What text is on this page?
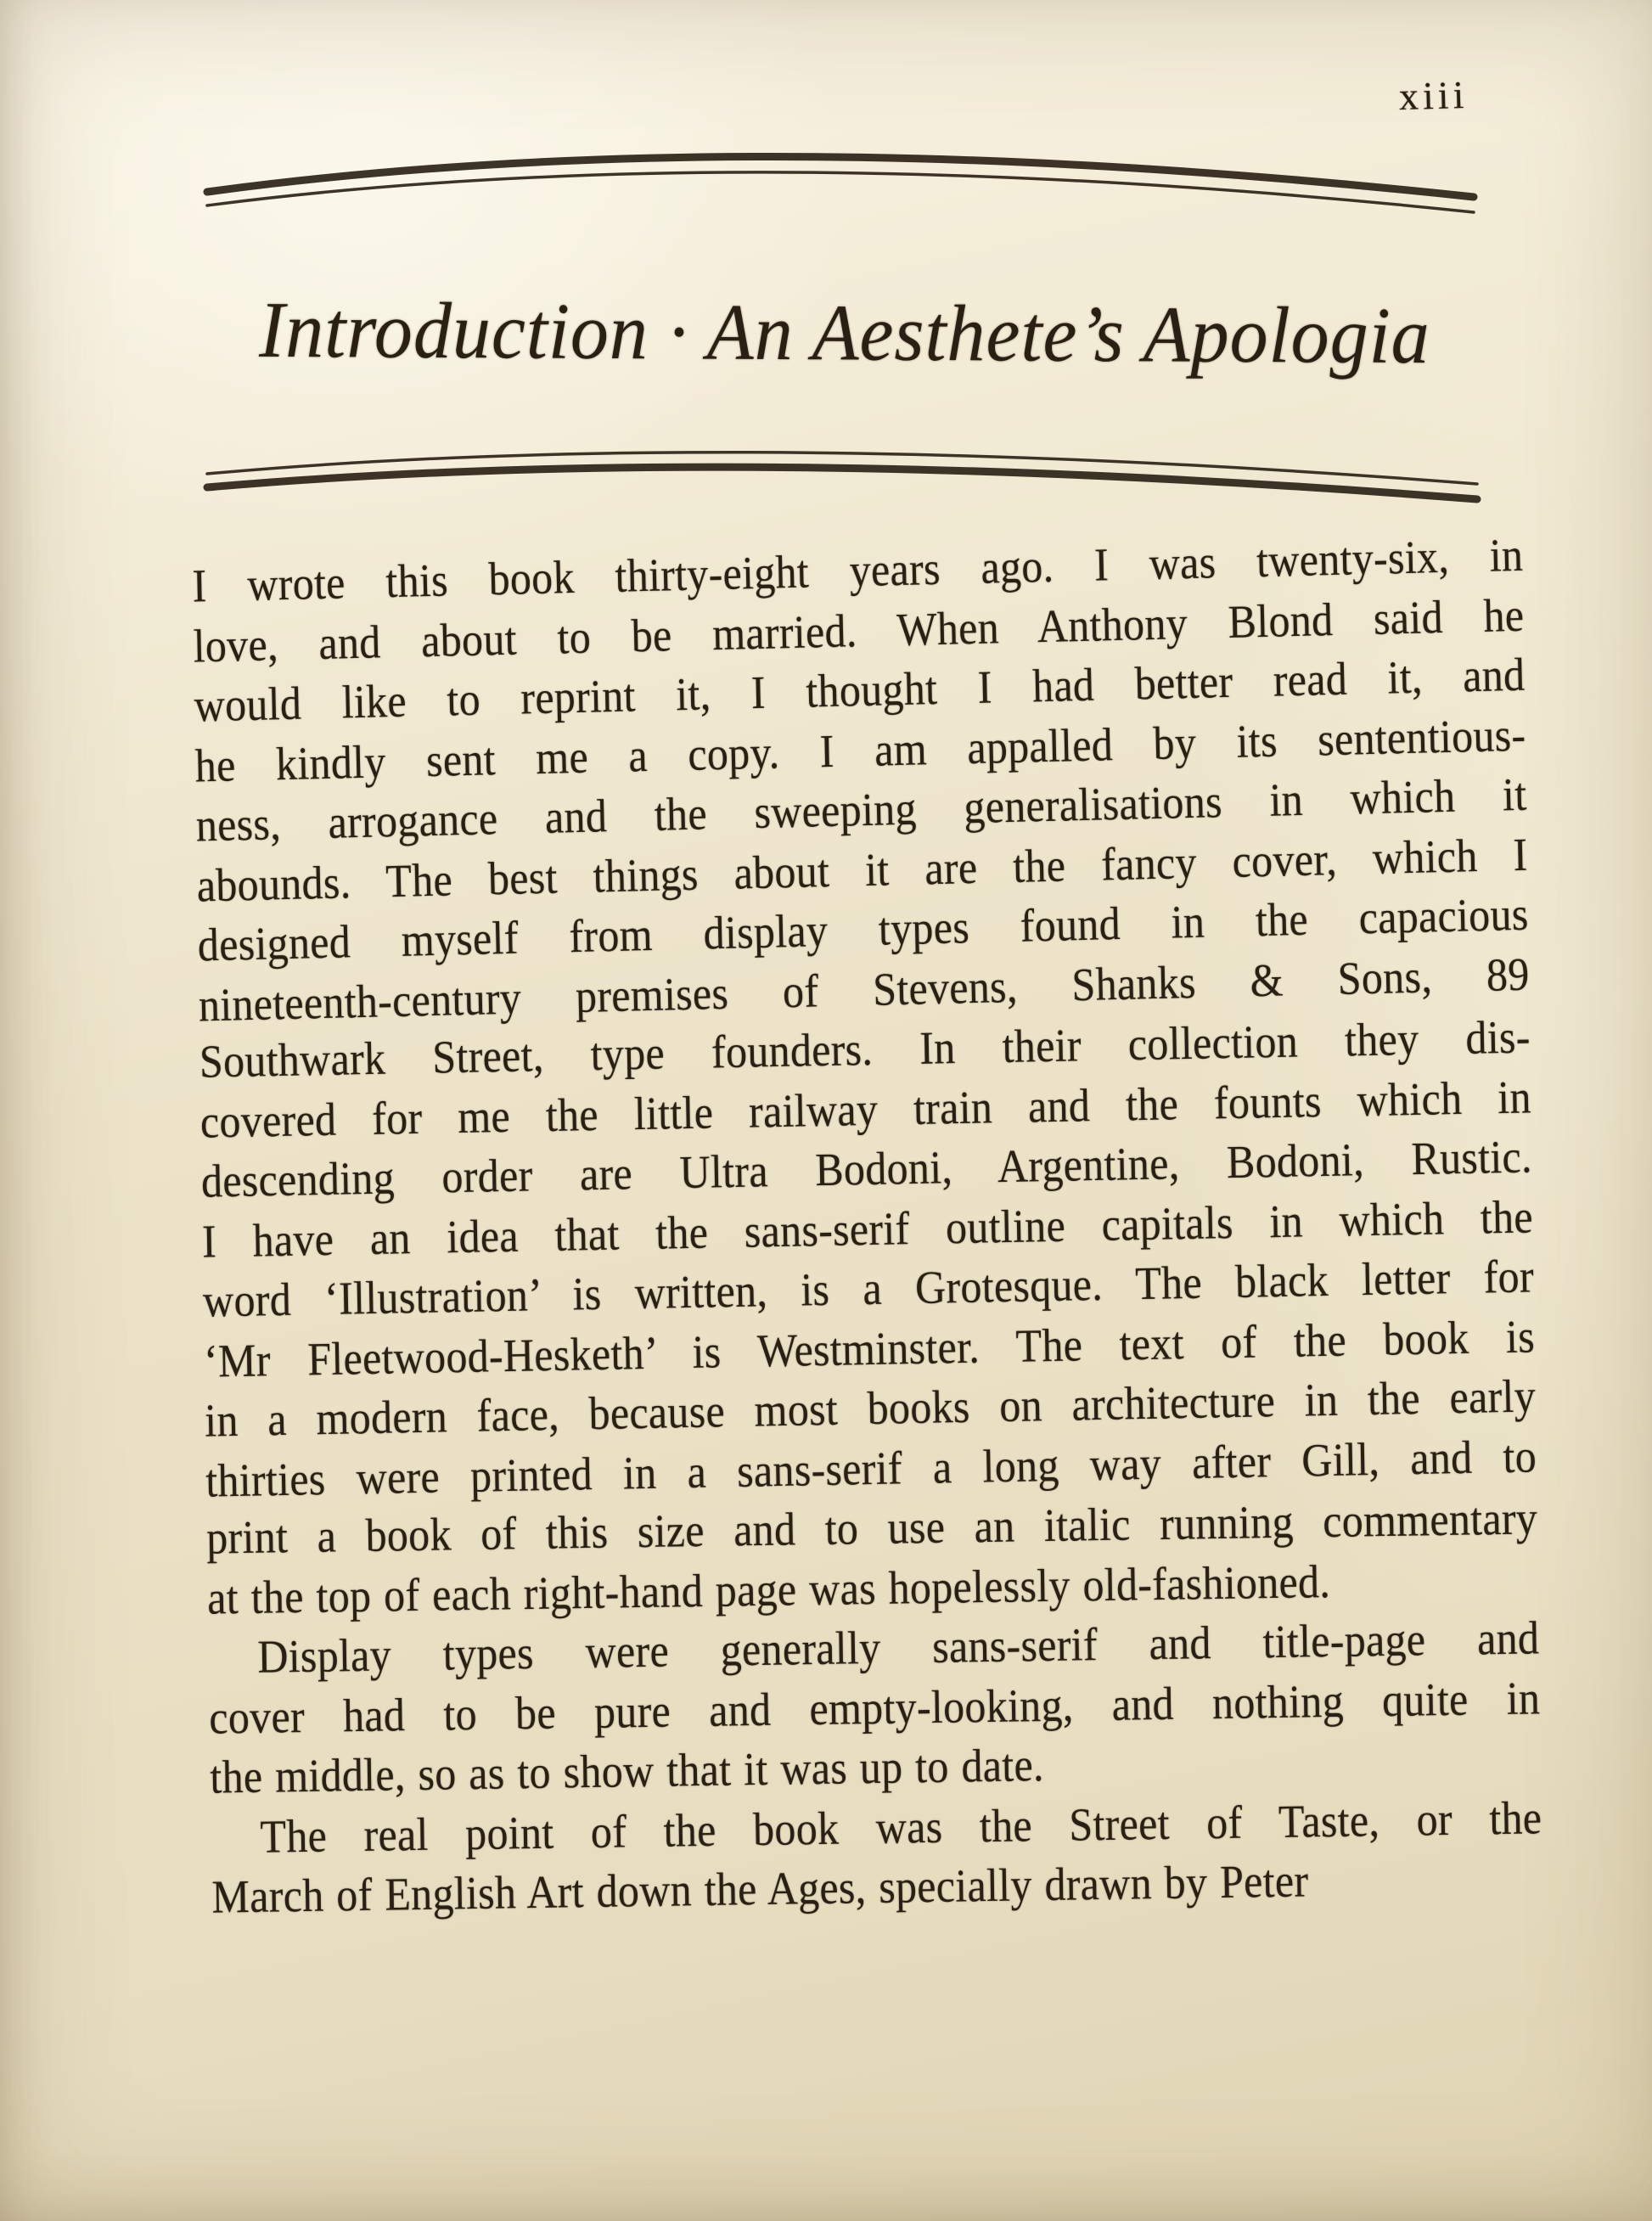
xiii
Introduction · An Aesthete’s Apologia
I wrote this book thirty-eight years ago. I was twenty-six, in
love, and about to be married. When Anthony Blond said he
would like to reprint it, I thought I had better read it, and
he kindly sent me a copy. I am appalled by its sententious-
ness, arrogance and the sweeping generalisations in which it
abounds. The best things about it are the fancy cover, which I
designed myself from display types found in the capacious
nineteenth-century premises of Stevens, Shanks & Sons, 89
Southwark Street, type founders. In their collection they dis-
covered for me the little railway train and the founts which in
descending order are Ultra Bodoni, Argentine, Bodoni, Rustic.
I have an idea that the sans-serif outline capitals in which the
word ‘Illustration’ is written, is a Grotesque. The black letter for
‘Mr Fleetwood-Hesketh’ is Westminster. The text of the book is
in a modern face, because most books on architecture in the early
thirties were printed in a sans-serif a long way after Gill, and to
print a book of this size and to use an italic running commentary
at the top of each right-hand page was hopelessly old-fashioned.
Display types were generally sans-serif and title-page and
cover had to be pure and empty-looking, and nothing quite in
the middle, so as to show that it was up to date.
The real point of the book was the Street of Taste, or the
March of English Art down the Ages, specially drawn by Peter
